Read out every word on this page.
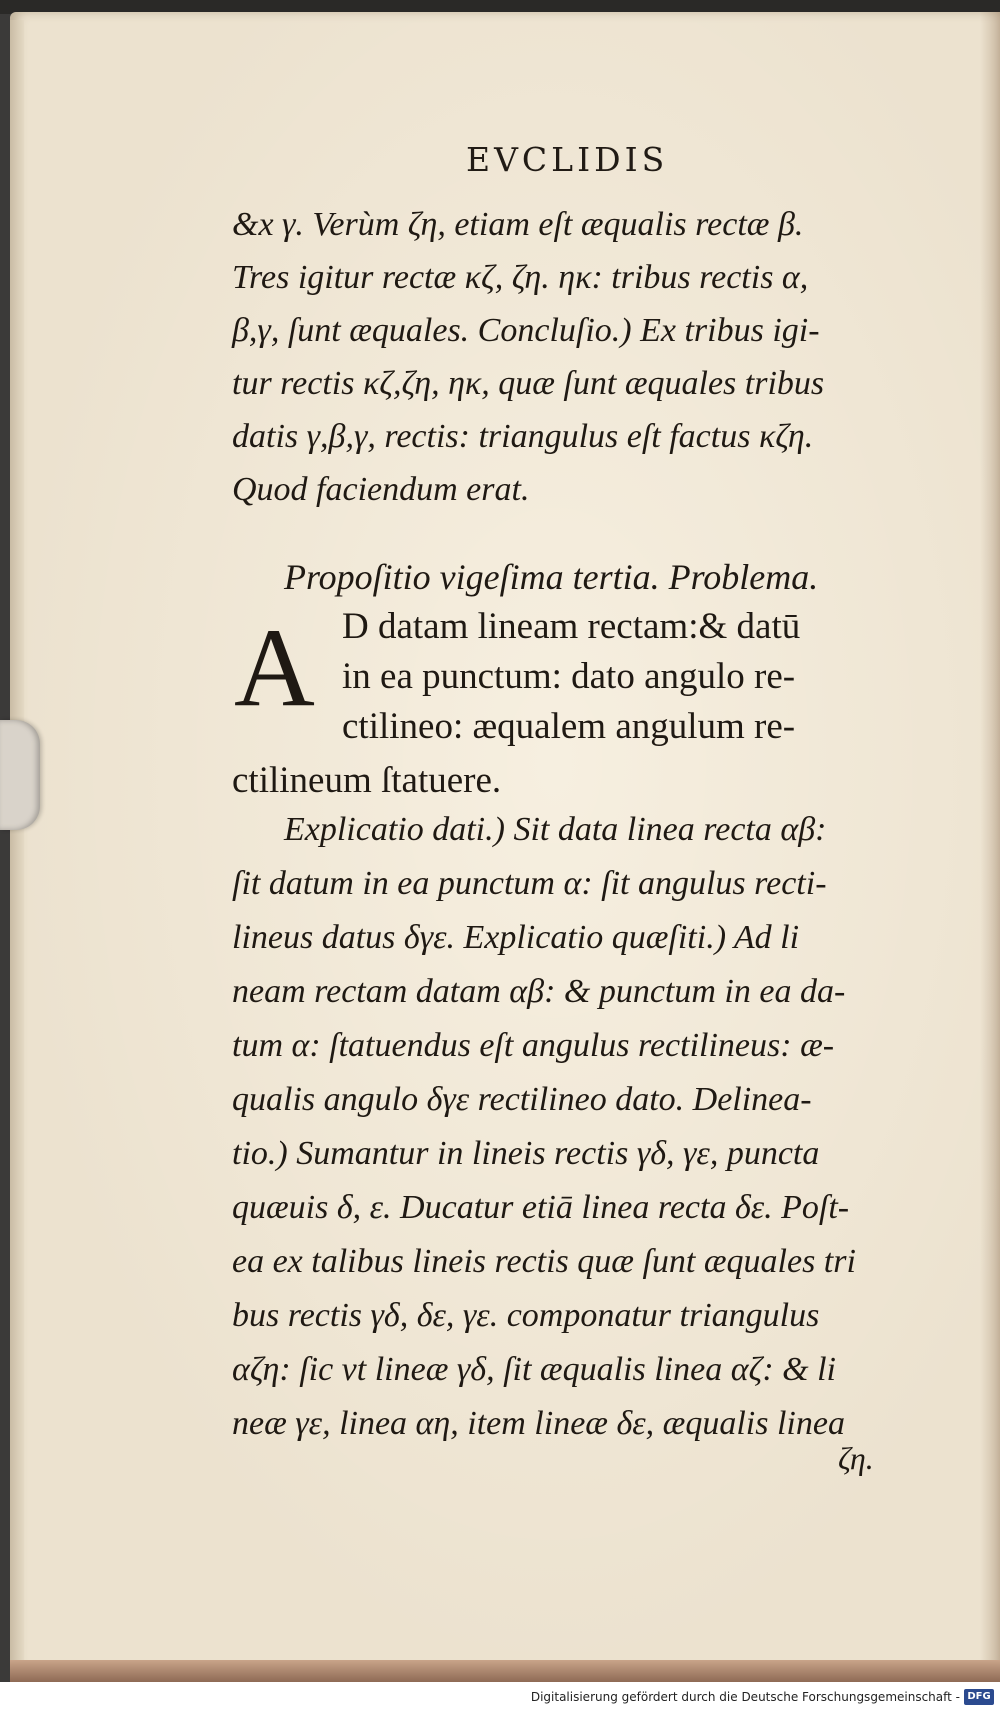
EVCLIDIS
&x γ. Verùm ζη, etiam eſt æqualis rectæ β.
Tres igitur rectæ κζ, ζη. ηκ: tribus rectis α,
β,γ, ſunt æquales. Concluſio.) Ex tribus igi-
tur rectis κζ,ζη, ηκ, quæ ſunt æquales tribus
datis γ,β,γ, rectis: triangulus eſt factus κζη.
Quod faciendum erat.
Propoſitio vigeſima tertia. Problema.
A D datam lineam rectam:& datū
in ea punctum: dato angulo re-
ctilineo: æqualem angulum re-
ctilineum ſtatuere.
Explicatio dati.) Sit data linea recta αβ:
ſit datum in ea punctum α: ſit angulus recti-
lineus datus δγε. Explicatio quæſiti.) Ad li
neam rectam datam αβ: & punctum in ea da-
tum α: ſtatuendus eſt angulus rectilineus: æ-
qualis angulo δγε rectilineo dato. Delinea-
tio.) Sumantur in lineis rectis γδ, γε, puncta
quæuis δ, ε. Ducatur etiā linea recta δε. Poſt-
ea ex talibus lineis rectis quæ ſunt æquales tri
bus rectis γδ, δε, γε. componatur triangulus
αζη: ſic vt lineæ γδ, ſit æqualis linea αζ: & li
neæ γε, linea αη, item lineæ δε, æqualis linea
ζη.
Digitalisierung gefördert durch die Deutsche Forschungsgemeinschaft - DFG
